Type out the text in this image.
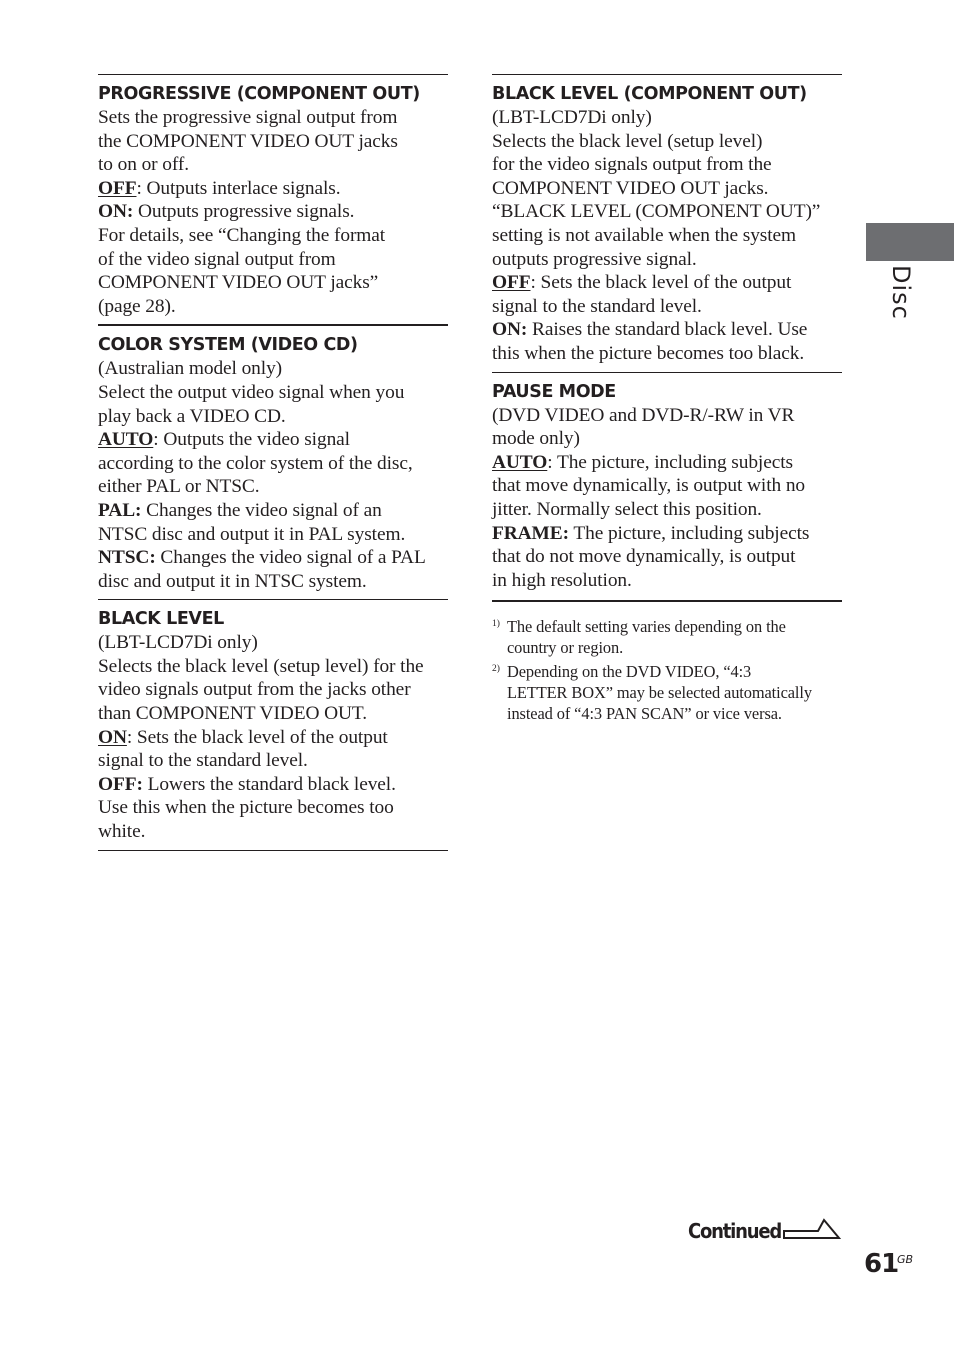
PROGRESSIVE (COMPONENT OUT)
Sets the progressive signal output from
the COMPONENT VIDEO OUT jacks
to on or off.
OFF: Outputs interlace signals.
ON: Outputs progressive signals.
For details, see “Changing the format
of the video signal output from
COMPONENT VIDEO OUT jacks”
(page 28).
COLOR SYSTEM (VIDEO CD)
(Australian model only)
Select the output video signal when you
play back a VIDEO CD.
AUTO: Outputs the video signal
according to the color system of the disc,
either PAL or NTSC.
PAL: Changes the video signal of an
NTSC disc and output it in PAL system.
NTSC: Changes the video signal of a PAL
disc and output it in NTSC system.
BLACK LEVEL
(LBT-LCD7Di only)
Selects the black level (setup level) for the
video signals output from the jacks other
than COMPONENT VIDEO OUT.
ON: Sets the black level of the output
signal to the standard level.
OFF: Lowers the standard black level.
Use this when the picture becomes too
white.
BLACK LEVEL (COMPONENT OUT)
(LBT-LCD7Di only)
Selects the black level (setup level)
for the video signals output from the
COMPONENT VIDEO OUT jacks.
“BLACK LEVEL (COMPONENT OUT)”
setting is not available when the system
outputs progressive signal.
OFF: Sets the black level of the output
signal to the standard level.
ON: Raises the standard black level. Use
this when the picture becomes too black.
PAUSE MODE
(DVD VIDEO and DVD-R/-RW in VR
mode only)
AUTO: The picture, including subjects
that move dynamically, is output with no
jitter. Normally select this position.
FRAME: The picture, including subjects
that do not move dynamically, is output
in high resolution.
1) The default setting varies depending on the
country or region.
2) Depending on the DVD VIDEO, “4:3
LETTER BOX” may be selected automatically
instead of “4:3 PAN SCAN” or vice versa.
Disc
Continued
61
GB
